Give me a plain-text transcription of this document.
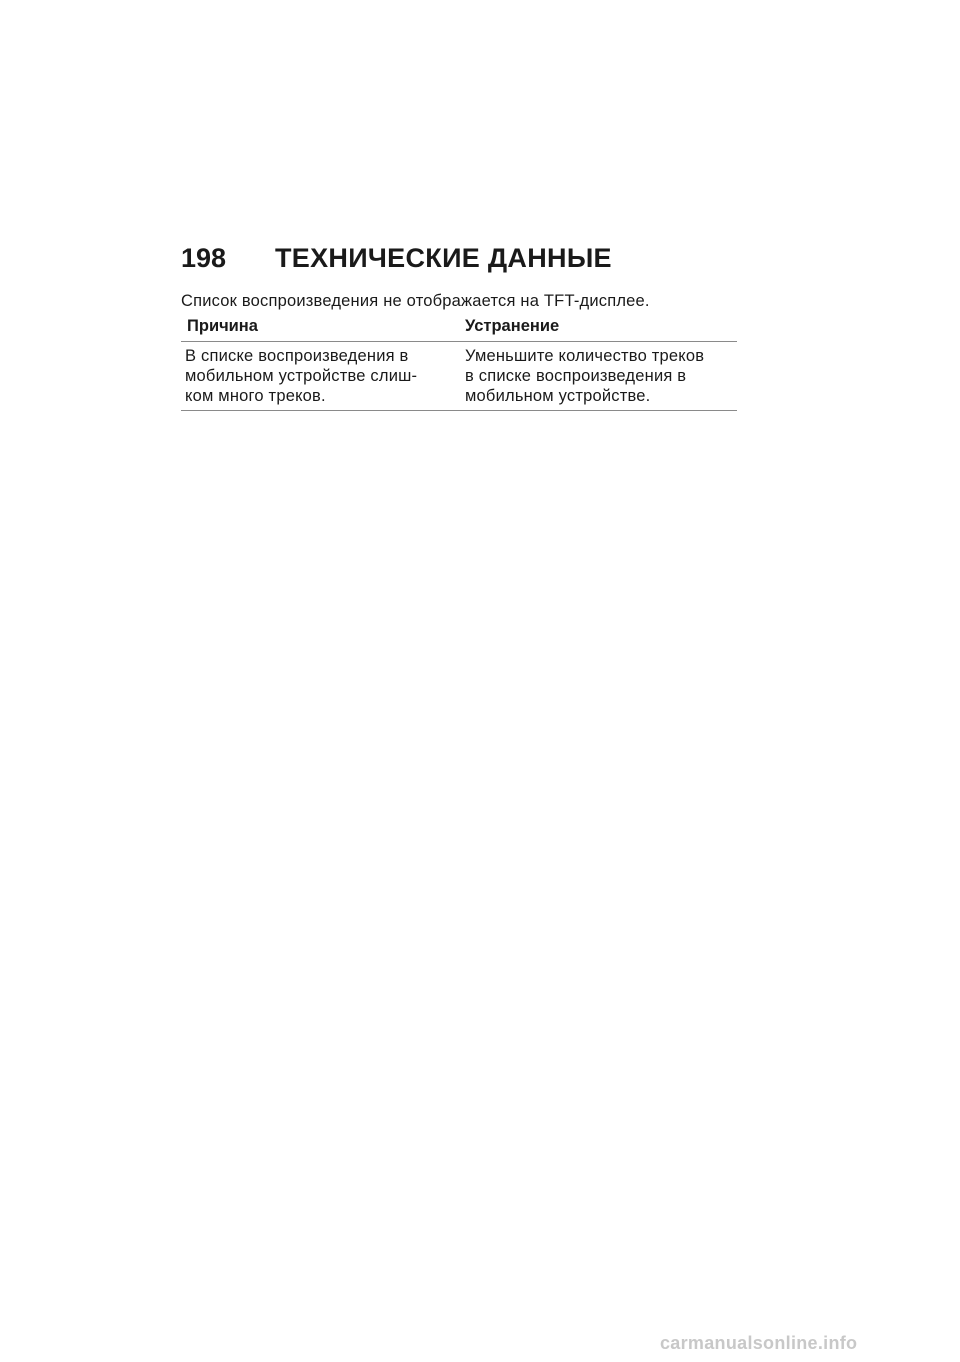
198	ТЕХНИЧЕСКИЕ ДАННЫЕ
Список воспроизведения не отображается на TFT-дисплее.
Причина	Устранение
В списке воспроизведения в
мобильном устройстве слиш-
ком много треков.
Уменьшите количество треков
в списке воспроизведения в
мобильном устройстве.
carmanualsonline.info
